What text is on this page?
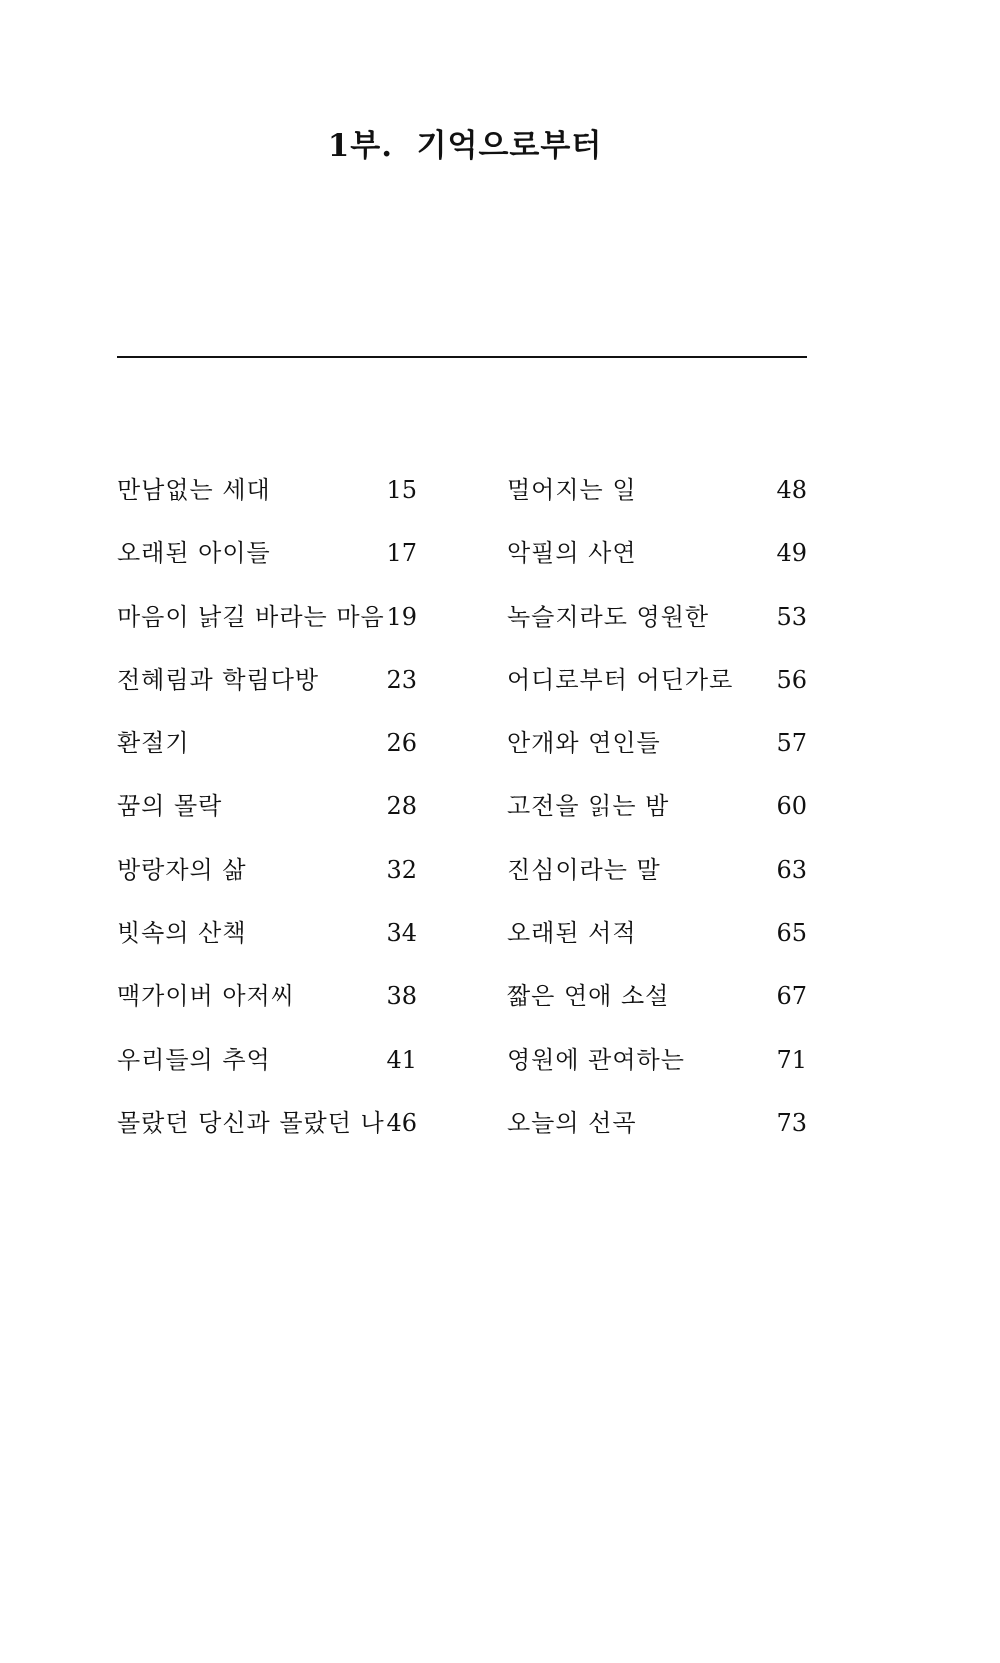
1부.  기억으로부터
만남없는 세대	15	멀어지는 일	48
오래된 아이들	17	악필의 사연	49
마음이 낡길 바라는 마음 19	녹슬지라도 영원한	53
전혜림과 학림다방	23	어디로부터 어딘가로	56
환절기	26	안개와 연인들	57
꿈의 몰락	28	고전을 읽는 밤	60
방랑자의 삶	32	진심이라는 말	63
빗속의 산책	34	오래된 서적	65
맥가이버 아저씨	38	짧은 연애 소설	67
우리들의 추억	41	영원에 관여하는	71
몰랐던 당신과 몰랐던 나 46	오늘의 선곡	73
